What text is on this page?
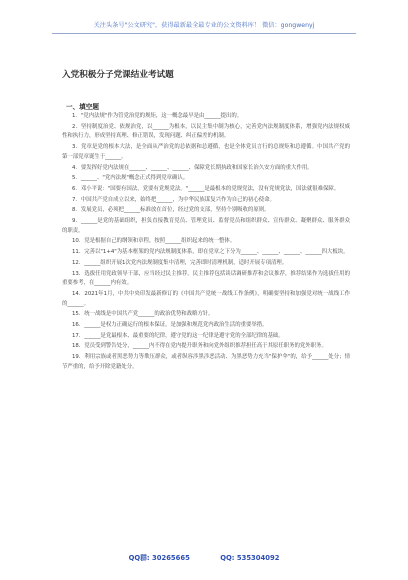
关注头条号"公文研究"，获得最新最全最专业的公文资料库！ 微信：gongwenyj
入党积极分子党课结业考试题
一、填空题

1．"党内法规"作为管党治党的规矩，这一概念最早是由______提出的。

2．坚持制度治党、依规治党，以______为根本，以民主集中制为核心，完善党内法规制度体系，增强党内法规权威性和执行力，形成坚持真理、修正错误，发现问题、纠正偏差的机制。

3．党章是党的根本大法，是全面从严治党的总依据和总遵循，也是全体党员言行的总规矩和总遵循。中国共产党的第一部党章诞生于______。

4．要发挥好党内法规在______、______、______、保障党长期执政和国家长治久安方面的重大作用。

5．______、"党内法规"概念正式得到党章确认。

6．邓小平说："国要有国法，党要有党规党法。"______是最根本的党规党法，没有党规党法，国法就很难保障。

7．中国共产党自成立以来，始终把______，为中华民族谋复兴作为自己的初心使命。

8．发展党员，必须把______标准放在首位，经过党的支部，坚持个别吸收的原则。

9．______是党的基础组织，担负直接教育党员、管理党员、监督党员和组织群众、宣传群众、凝聚群众、服务群众的职责。

10．党是根据自己的纲领和章程，按照______组织起来的统一整体。

11．完善以"1+4"为基本框架的党内法规制度体系，即在党章之下分为______、______、______、______四大板块。

12．______组织开展1次党内法规制度集中清理，完善即时清理机制，适时开展专项清理。

13．选拔任用党政领导干部，应当经过民主推荐。民主推荐包括谈话调研推荐和会议推荐，推荐结果作为选拔任用的重要参考，在______内有效。

14．2021年1月，中共中央印发最新修订的《中国共产党统一战线工作条例》，明确要坚持和加强党对统一战线工作的______。

15．统一战线是中国共产党______的政治优势和战略方针。

16．______是权力正确运行的根本保证，是加强和规范党内政治生活的重要举措。

17．______是党最根本、最重要的纪律，遵守党的这一纪律是遵守党的全部纪律的基础。

18．党员受到警告处分，______内不得在党内提升职务和向党外组织推荐担任高于其原任职务的党外职务。

19．利用宗族或者黑恶势力等欺压群众，或者纵容涉黑涉恶活动、为黑恶势力充当"保护伞"的，给予______处分；情节严重的，给予开除党籍处分。

QQ群: 30265665	QQ: 535304092
